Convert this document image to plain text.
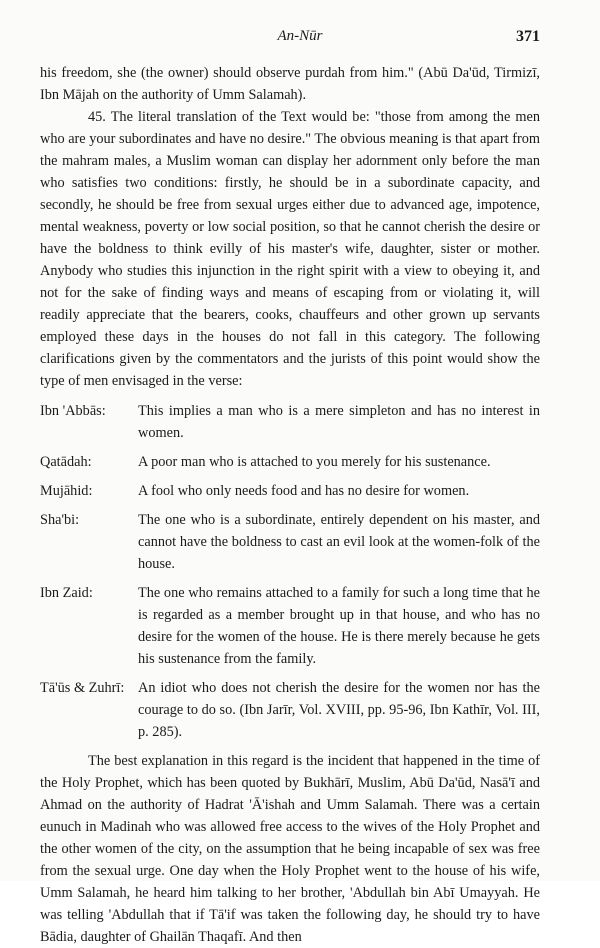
An-Nūr	371

his freedom, she (the owner) should observe purdah from him." (Abū Da'ūd, Tirmizī, Ibn Mājah on the authority of Umm Salamah).

45. The literal translation of the Text would be: "those from among the men who are your subordinates and have no desire." The obvious meaning is that apart from the mahram males, a Muslim woman can display her adornment only before the man who satisfies two conditions: firstly, he should be in a subordinate capacity, and secondly, he should be free from sexual urges either due to advanced age, impotence, mental weakness, poverty or low social position, so that he cannot cherish the desire or have the boldness to think evilly of his master's wife, daughter, sister or mother. Anybody who studies this injunction in the right spirit with a view to obeying it, and not for the sake of finding ways and means of escaping from or violating it, will readily appreciate that the bearers, cooks, chauffeurs and other grown up servants employed these days in the houses do not fall in this category. The following clarifications given by the commentators and the jurists of this point would show the type of men envisaged in the verse:

Ibn 'Abbās:	This implies a man who is a mere simpleton and has no interest in women.
Qatādah:	A poor man who is attached to you merely for his sustenance.
Mujāhid:	A fool who only needs food and has no desire for women.
Sha'bi:	The one who is a subordinate, entirely dependent on his master, and cannot have the boldness to cast an evil look at the women-folk of the house.
Ibn Zaid:	The one who remains attached to a family for such a long time that he is regarded as a member brought up in that house, and who has no desire for the women of the house. He is there merely because he gets his sustenance from the family.
Tā'ūs & Zuhrī: An idiot who does not cherish the desire for the women nor has the courage to do so. (Ibn Jarīr, Vol. XVIII, pp. 95-96, Ibn Kathīr, Vol. III, p. 285).

The best explanation in this regard is the incident that happened in the time of the Holy Prophet, which has been quoted by Bukhārī, Muslim, Abū Da'ūd, Nasā'ī and Ahmad on the authority of Hadrat 'Ā'ishah and Umm Salamah. There was a certain eunuch in Madinah who was allowed free access to the wives of the Holy Prophet and the other women of the city, on the assumption that he being incapable of sex was free from the sexual urge. One day when the Holy Prophet went to the house of his wife, Umm Salamah, he heard him talking to her brother, 'Abdullah bin Abī Umayyah. He was telling 'Abdullah that if Tā'if was taken the following day, he should try to have Bādia, daughter of Ghailān Thaqafī. And then
